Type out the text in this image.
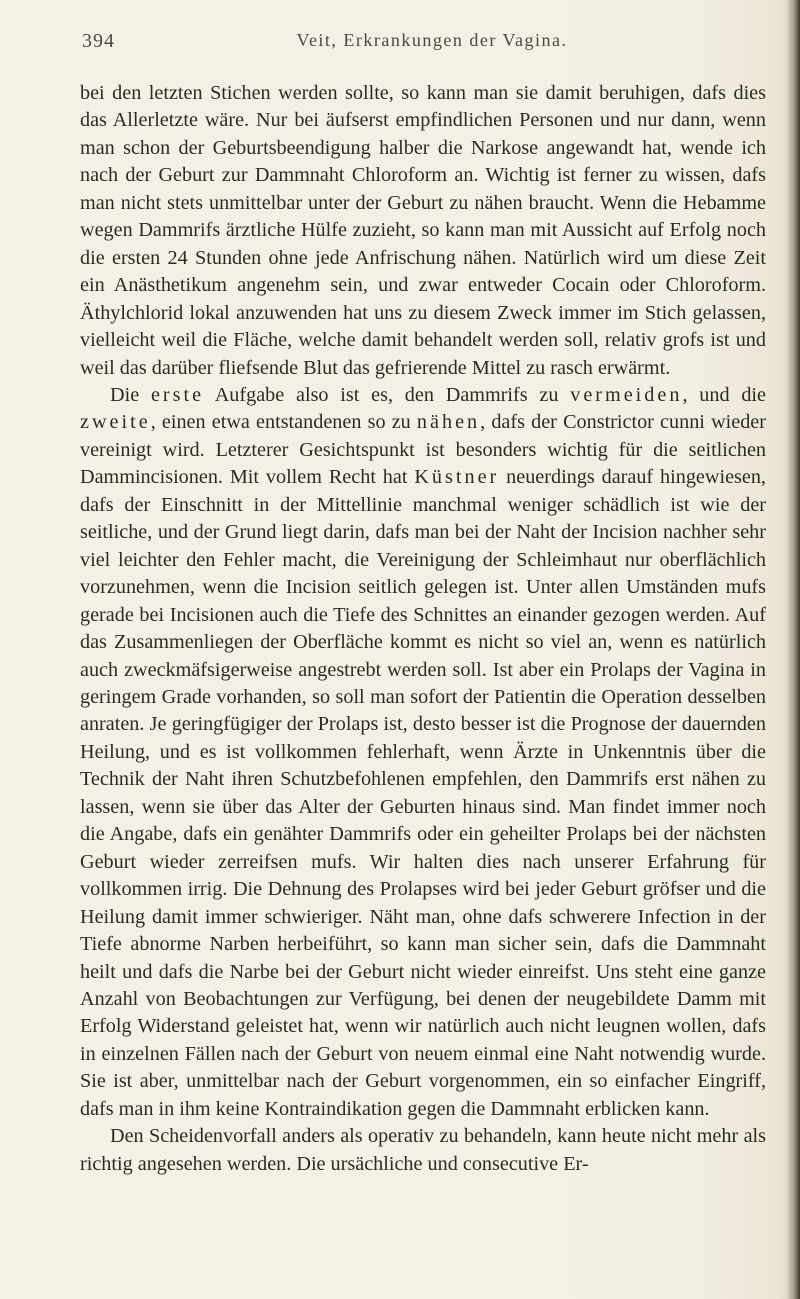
394	Veit, Erkrankungen der Vagina.

bei den letzten Stichen werden sollte, so kann man sie damit beruhigen, dafs dies das Allerletzte wäre. Nur bei äufserst empfindlichen Personen und nur dann, wenn man schon der Geburtsbeendigung halber die Narkose angewandt hat, wende ich nach der Geburt zur Dammnaht Chloroform an. Wichtig ist ferner zu wissen, dafs man nicht stets unmittelbar unter der Geburt zu nähen braucht. Wenn die Hebamme wegen Dammrifs ärztliche Hülfe zuzieht, so kann man mit Aussicht auf Erfolg noch die ersten 24 Stunden ohne jede Anfrischung nähen. Natürlich wird um diese Zeit ein Anästhetikum angenehm sein, und zwar entweder Cocain oder Chloroform. Äthylchlorid lokal anzuwenden hat uns zu diesem Zweck immer im Stich gelassen, vielleicht weil die Fläche, welche damit behandelt werden soll, relativ grofs ist und weil das darüber fliefsende Blut das gefrierende Mittel zu rasch erwärmt.

Die erste Aufgabe also ist es, den Dammrifs zu vermeiden, und die zweite, einen etwa entstandenen so zu nähen, dafs der Constrictor cunni wieder vereinigt wird. Letzterer Gesichtspunkt ist besonders wichtig für die seitlichen Dammincisionen. Mit vollem Recht hat Küstner neuerdings darauf hingewiesen, dafs der Einschnitt in der Mittellinie manchmal weniger schädlich ist wie der seitliche, und der Grund liegt darin, dafs man bei der Naht der Incision nachher sehr viel leichter den Fehler macht, die Vereinigung der Schleimhaut nur oberflächlich vorzunehmen, wenn die Incision seitlich gelegen ist. Unter allen Umständen mufs gerade bei Incisionen auch die Tiefe des Schnittes an einander gezogen werden. Auf das Zusammenliegen der Oberfläche kommt es nicht so viel an, wenn es natürlich auch zweckmäfsigerweise angestrebt werden soll. Ist aber ein Prolaps der Vagina in geringem Grade vorhanden, so soll man sofort der Patientin die Operation desselben anraten. Je geringfügiger der Prolaps ist, desto besser ist die Prognose der dauernden Heilung, und es ist vollkommen fehlerhaft, wenn Ärzte in Unkenntnis über die Technik der Naht ihren Schutzbefohlenen empfehlen, den Dammrifs erst nähen zu lassen, wenn sie über das Alter der Geburten hinaus sind. Man findet immer noch die Angabe, dafs ein genähter Dammrifs oder ein geheilter Prolaps bei der nächsten Geburt wieder zerreifsen mufs. Wir halten dies nach unserer Erfahrung für vollkommen irrig. Die Dehnung des Prolapses wird bei jeder Geburt gröfser und die Heilung damit immer schwieriger. Näht man, ohne dafs schwerere Infection in der Tiefe abnorme Narben herbeiführt, so kann man sicher sein, dafs die Dammnaht heilt und dafs die Narbe bei der Geburt nicht wieder einreifst. Uns steht eine ganze Anzahl von Beobachtungen zur Verfügung, bei denen der neugebildete Damm mit Erfolg Widerstand geleistet hat, wenn wir natürlich auch nicht leugnen wollen, dafs in einzelnen Fällen nach der Geburt von neuem einmal eine Naht notwendig wurde. Sie ist aber, unmittelbar nach der Geburt vorgenommen, ein so einfacher Eingriff, dafs man in ihm keine Kontraindikation gegen die Dammnaht erblicken kann.

Den Scheidenvorfall anders als operativ zu behandeln, kann heute nicht mehr als richtig angesehen werden. Die ursächliche und consecutive Er-
